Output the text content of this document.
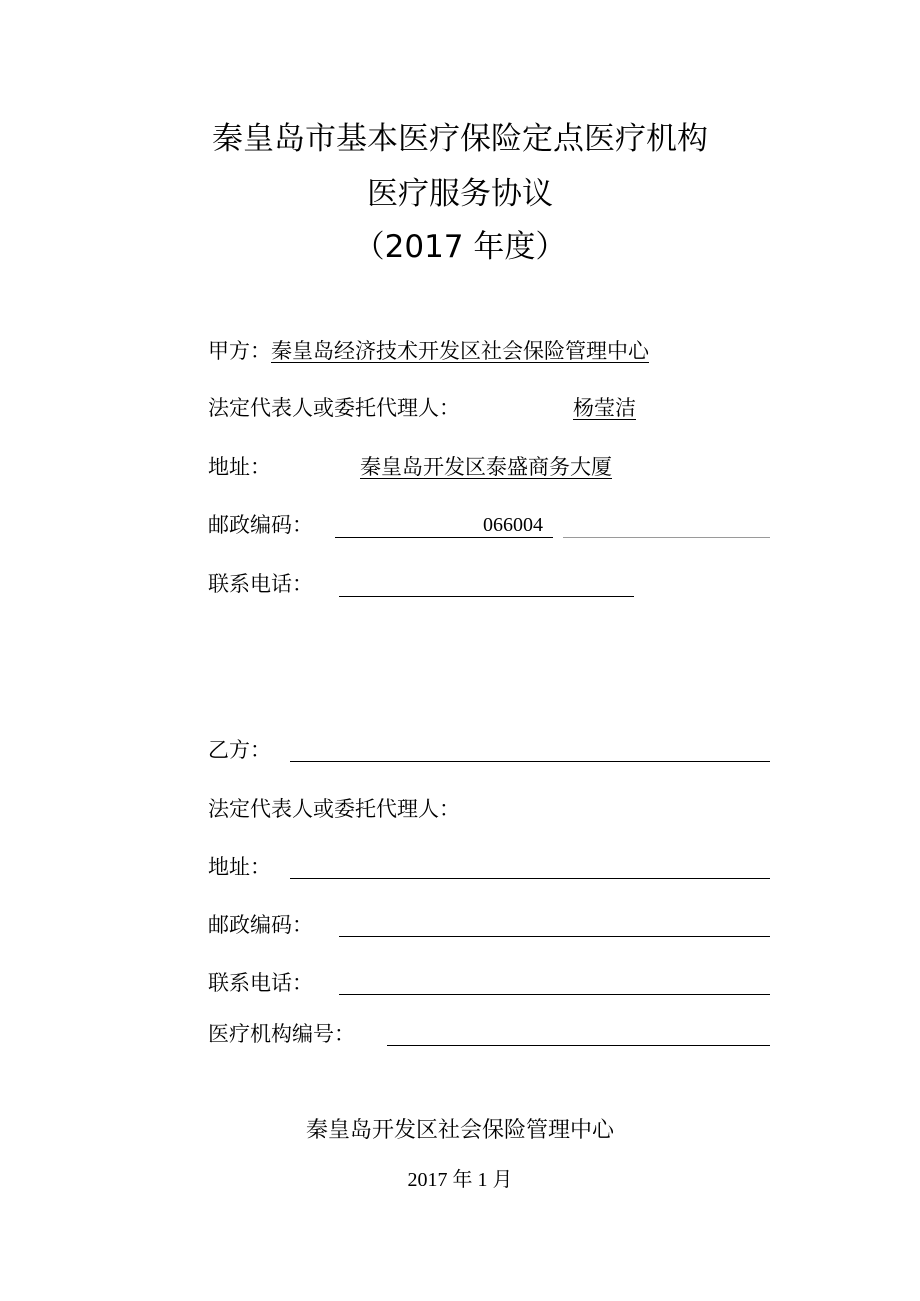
秦皇岛市基本医疗保险定点医疗机构
医疗服务协议
（2017 年度）
甲方：秦皇岛经济技术开发区社会保险管理中心
法定代表人或委托代理人：	杨莹洁
地址：	秦皇岛开发区泰盛商务大厦
邮政编码：	066004
联系电话：
乙方：
法定代表人或委托代理人：
地址：
邮政编码：
联系电话：
医疗机构编号：
秦皇岛开发区社会保险管理中心
2017 年 1 月
